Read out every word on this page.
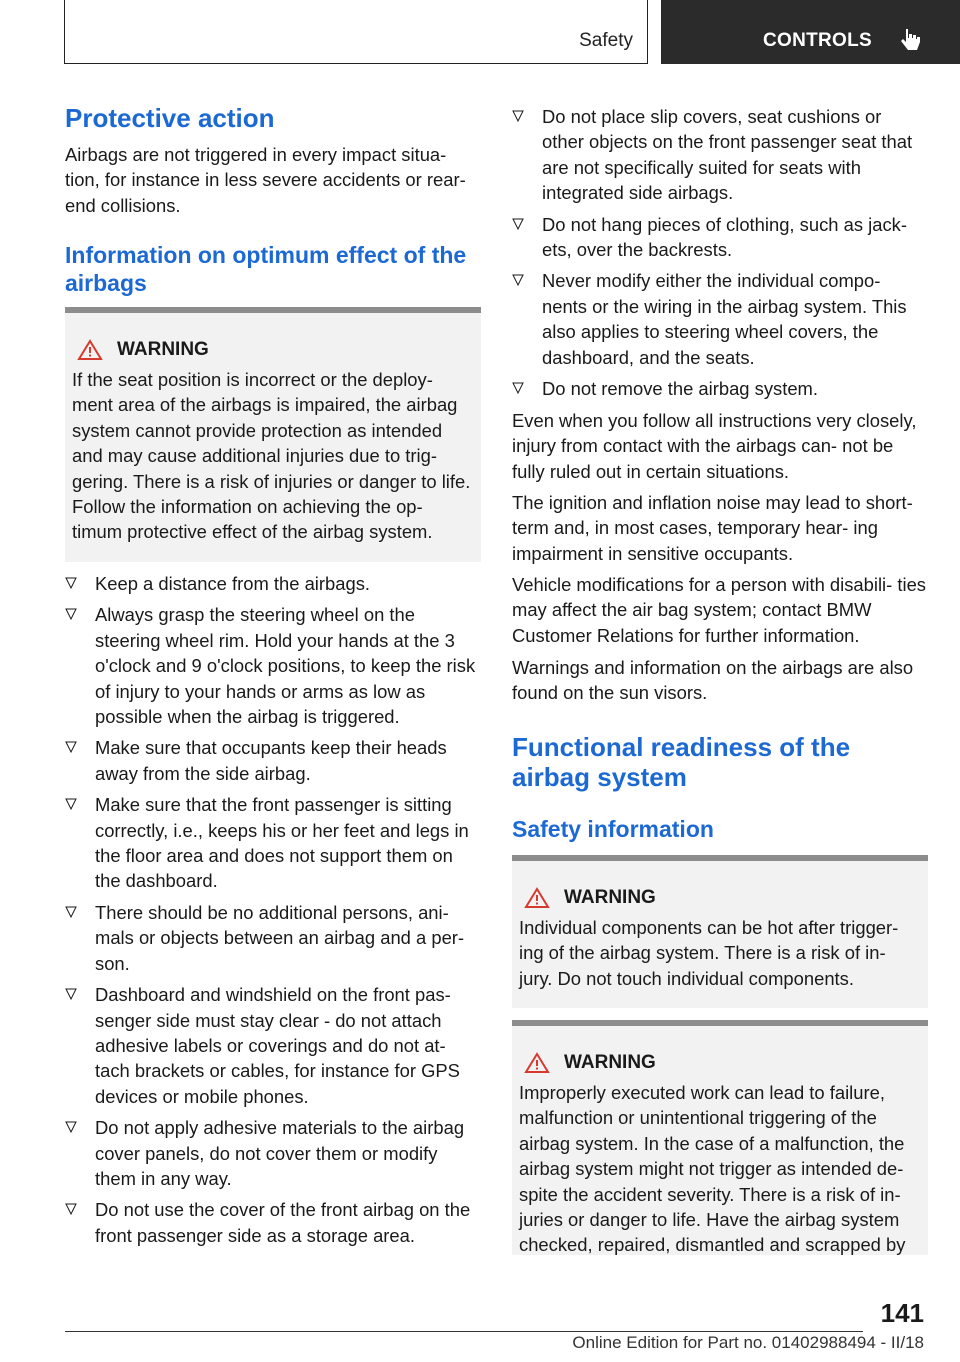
Safety	CONTROLS
Protective action

Airbags are not triggered in every impact situa- tion, for instance in less severe accidents or rear- end collisions.

Information on optimum effect of the airbags
WARNING

If the seat position is incorrect or the deploy- ment area of the airbags is impaired, the airbag system cannot provide protection as intended and may cause additional injuries due to trig- gering. There is a risk of injuries or danger to life. Follow the information on achieving the op- timum protective effect of the airbag system.

Keep a distance from the airbags.
Always grasp the steering wheel on the steering wheel rim. Hold your hands at the 3 o'clock and 9 o'clock positions, to keep the risk of injury to your hands or arms as low as possible when the airbag is triggered.
Make sure that occupants keep their heads away from the side airbag.
Make sure that the front passenger is sitting correctly, i.e., keeps his or her feet and legs in the floor area and does not support them on the dashboard.
There should be no additional persons, ani- mals or objects between an airbag and a per- son.
Dashboard and windshield on the front pas- senger side must stay clear - do not attach adhesive labels or coverings and do not at- tach brackets or cables, for instance for GPS devices or mobile phones.
Do not apply adhesive materials to the airbag cover panels, do not cover them or modify them in any way.
Do not use the cover of the front airbag on the front passenger side as a storage area.
Do not place slip covers, seat cushions or other objects on the front passenger seat that are not specifically suited for seats with integrated side airbags.
Do not hang pieces of clothing, such as jack- ets, over the backrests.
Never modify either the individual compo- nents or the wiring in the airbag system. This also applies to steering wheel covers, the dashboard, and the seats.
Do not remove the airbag system.

Even when you follow all instructions very closely, injury from contact with the airbags can- not be fully ruled out in certain situations.

The ignition and inflation noise may lead to short-term and, in most cases, temporary hear- ing impairment in sensitive occupants.

Vehicle modifications for a person with disabili- ties may affect the air bag system; contact BMW Customer Relations for further information.

Warnings and information on the airbags are also found on the sun visors.

Functional readiness of the airbag system
Safety information
WARNING

Individual components can be hot after trigger- ing of the airbag system. There is a risk of in- jury. Do not touch individual components.

WARNING

Improperly executed work can lead to failure, malfunction or unintentional triggering of the airbag system. In the case of a malfunction, the airbag system might not trigger as intended de- spite the accident severity. There is a risk of in- juries or danger to life. Have the airbag system checked, repaired, dismantled and scrapped by

141
Online Edition for Part no. 01402988494 - II/18
